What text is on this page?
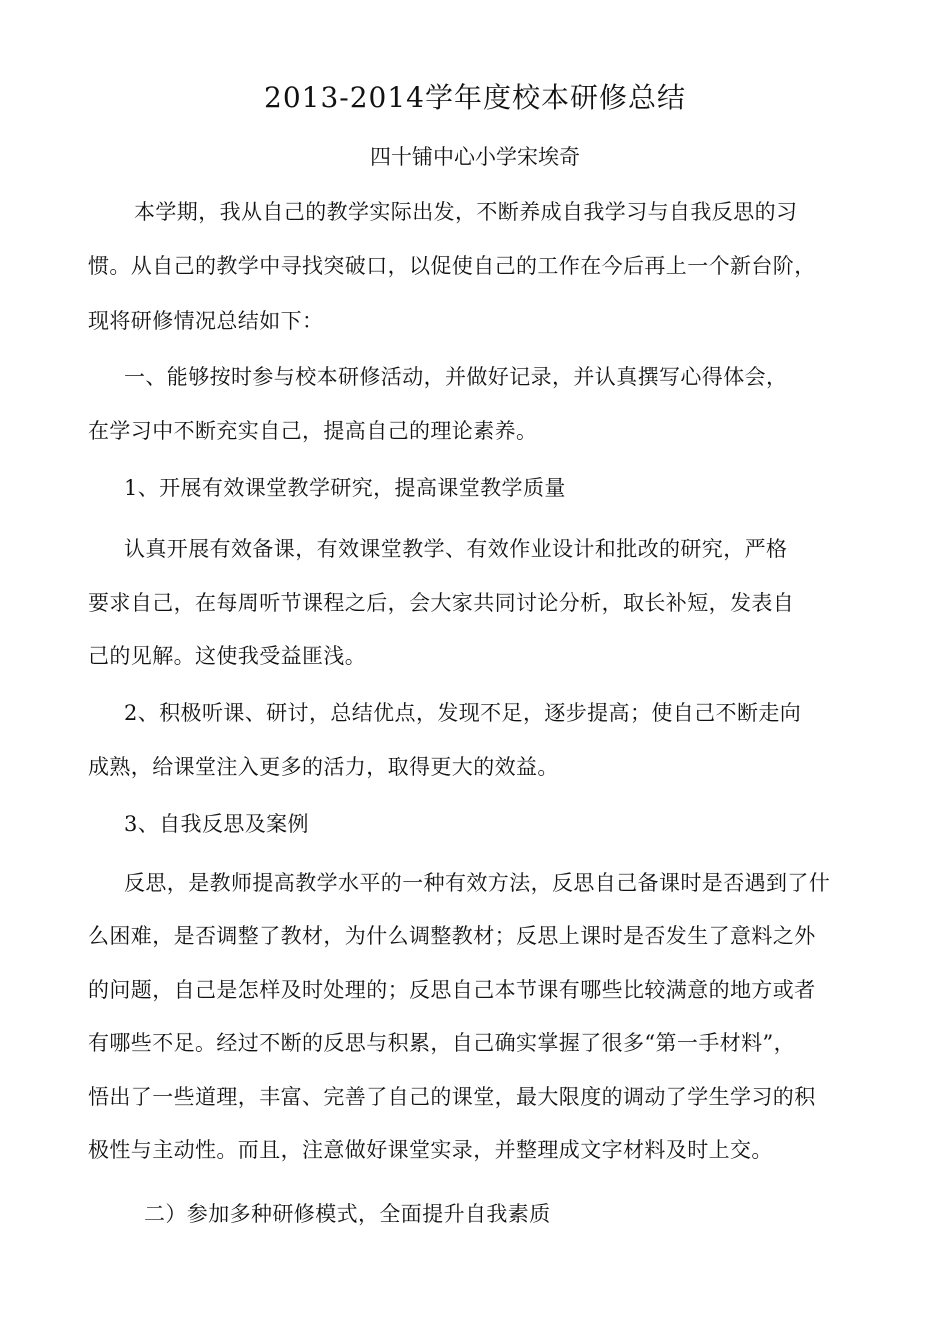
2013-2014学年度校本研修总结
四十铺中心小学宋埃奇
本学期，我从自己的教学实际出发，不断养成自我学习与自我反思的习
惯。从自己的教学中寻找突破口，以促使自己的工作在今后再上一个新台阶，
现将研修情况总结如下：
一、能够按时参与校本研修活动，并做好记录，并认真撰写心得体会，
在学习中不断充实自己，提高自己的理论素养。
1、开展有效课堂教学研究，提高课堂教学质量
认真开展有效备课，有效课堂教学、有效作业设计和批改的研究，严格
要求自己，在每周听节课程之后，会大家共同讨论分析，取长补短，发表自
己的见解。这使我受益匪浅。
2、积极听课、研讨，总结优点，发现不足，逐步提高；使自己不断走向
成熟，给课堂注入更多的活力，取得更大的效益。
3、自我反思及案例
反思，是教师提高教学水平的一种有效方法，反思自己备课时是否遇到了什
么困难，是否调整了教材，为什么调整教材；反思上课时是否发生了意料之外
的问题，自己是怎样及时处理的；反思自己本节课有哪些比较满意的地方或者
有哪些不足。经过不断的反思与积累，自己确实掌握了很多“第一手材料”，
悟出了一些道理，丰富、完善了自己的课堂，最大限度的调动了学生学习的积
极性与主动性。而且，注意做好课堂实录，并整理成文字材料及时上交。
二）参加多种研修模式，全面提升自我素质
